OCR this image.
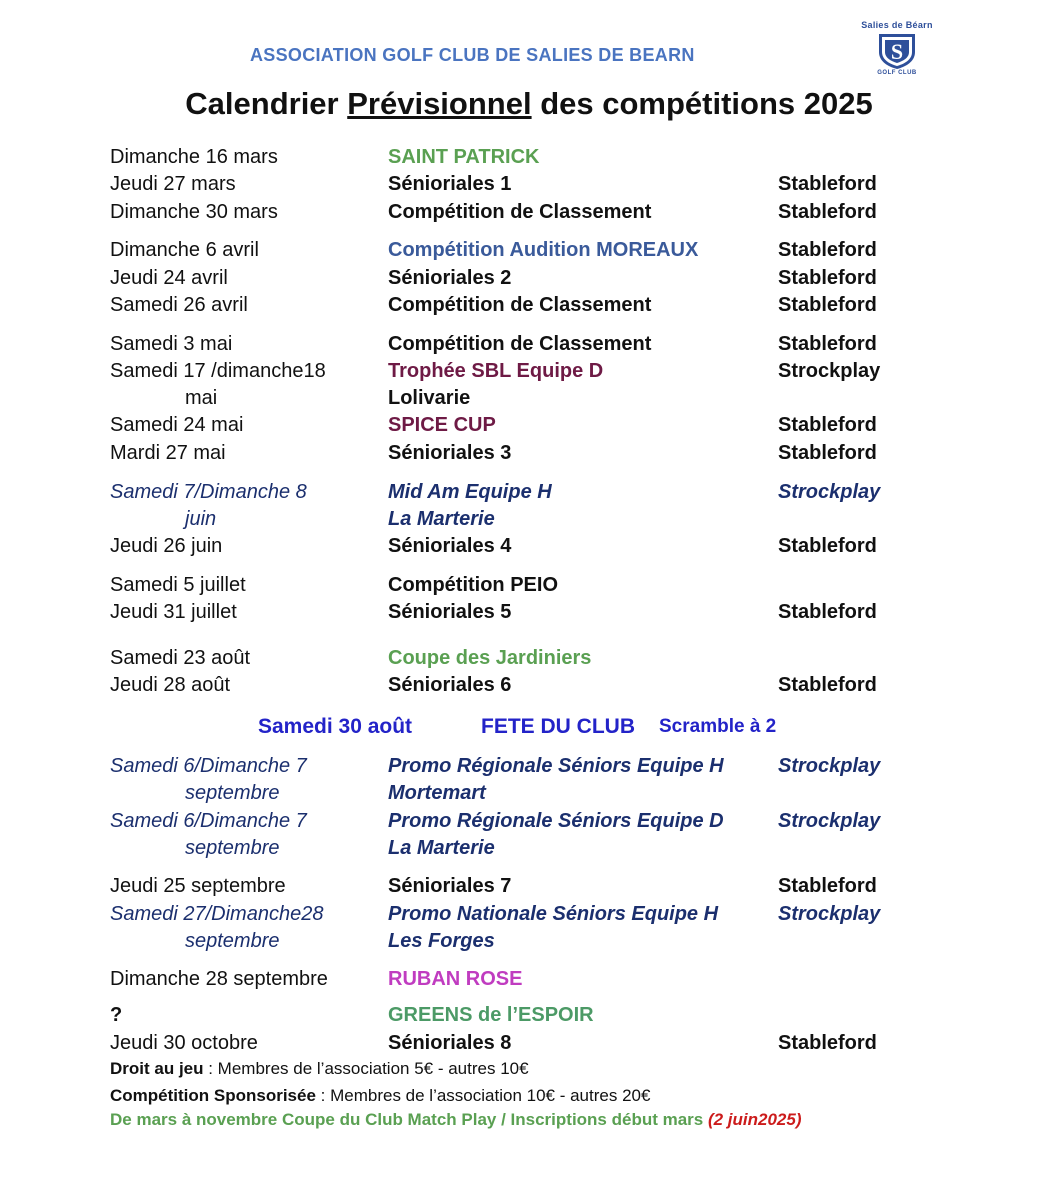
ASSOCIATION GOLF CLUB DE SALIES DE BEARN
Salies de Béarn
S
GOLF CLUB
Calendrier Prévisionnel des compétitions 2025
Dimanche 16 mars	SAINT PATRICK
Jeudi 27 mars	Sénioriales 1	Stableford
Dimanche 30 mars	Compétition de Classement	Stableford
Dimanche 6 avril	Compétition Audition MOREAUX	Stableford
Jeudi 24 avril	Sénioriales 2	Stableford
Samedi 26 avril	Compétition de Classement	Stableford
Samedi 3 mai	Compétition de Classement	Stableford
Samedi 17 /dimanche18	Trophée SBL Equipe D	Strockplay
mai	Lolivarie
Samedi 24 mai	SPICE CUP	Stableford
Mardi 27 mai	Sénioriales 3	Stableford
Samedi 7/Dimanche 8	Mid Am Equipe H	Strockplay
juin	La Marterie
Jeudi 26 juin	Sénioriales 4	Stableford
Samedi 5 juillet	Compétition PEIO
Jeudi 31 juillet	Sénioriales 5	Stableford
Samedi 23 août	Coupe des Jardiniers
Jeudi 28 août	Sénioriales 6	Stableford
Samedi 30 août	FETE DU CLUB Scramble à 2
Samedi 6/Dimanche 7	Promo Régionale Séniors Equipe H	Strockplay
septembre	Mortemart
Samedi 6/Dimanche 7	Promo Régionale Séniors Equipe D	Strockplay
septembre	La Marterie
Jeudi 25 septembre	Sénioriales 7	Stableford
Samedi 27/Dimanche28	Promo Nationale Séniors Equipe H	Strockplay
septembre	Les Forges
Dimanche 28 septembre	RUBAN ROSE
?	GREENS de l’ESPOIR
Jeudi 30 octobre	Sénioriales 8	Stableford
Droit au jeu : Membres de l’association 5€ - autres 10€
Compétition Sponsorisée : Membres de l’association 10€ - autres 20€
De mars à novembre Coupe du Club Match Play / Inscriptions début mars (2 juin2025)
